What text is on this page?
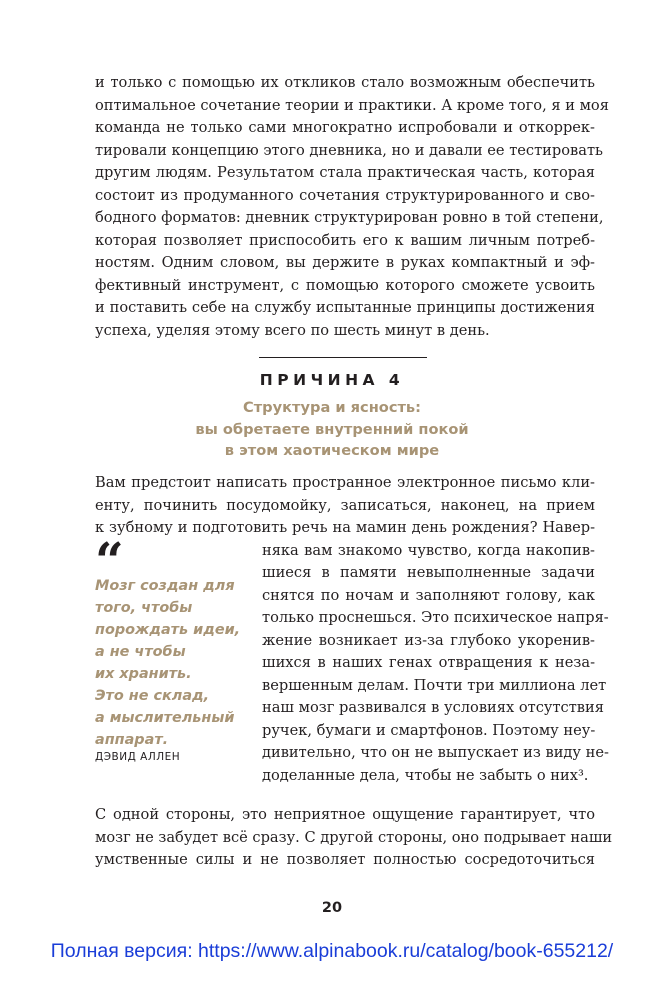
и только с помощью их откликов стало возможным обеспечить

оптимальное сочетание теории и практики. А кроме того, я и моя

команда не только сами многократно испробовали и откоррек-

тировали концепцию этого дневника, но и давали ее тестировать

другим людям. Результатом стала практическая часть, которая

состоит из продуманного сочетания структурированного и сво-

бодного форматов: дневник структурирован ровно в той степени,

которая позволяет приспособить его к вашим личным потреб-

ностям. Одним словом, вы держите в руках компактный и эф-

фективный инструмент, с помощью которого сможете усвоить

и поставить себе на службу испытанные принципы достижения

успеха, уделяя этому всего по шесть минут в день.

ПРИЧИНА 4

Структура и ясность:

вы обретаете внутренний покой

в этом хаотическом мире

Вам предстоит написать пространное электронное письмо кли-

енту, починить посудомойку, записаться, наконец, на прием

к зубному и подготовить речь на мамин день рождения? Навер-

“

Мозг создан для

того, чтобы

порождать идеи,

а не чтобы

их хранить.

Это не склад,

а мыслительный

аппарат.

ДЭВИД АЛЛЕН

няка вам знакомо чувство, когда накопив-

шиеся в памяти невыполненные задачи

снятся по ночам и заполняют голову, как

только проснешься. Это психическое напря-

жение возникает из-за глубоко укоренив-

шихся в наших генах отвращения к неза-

вершенным делам. Почти три миллиона лет

наш мозг развивался в условиях отсутствия

ручек, бумаги и смартфонов. Поэтому неу-

дивительно, что он не выпускает из виду не-

доделанные дела, чтобы не забыть о них³.

С одной стороны, это неприятное ощущение гарантирует, что

мозг не забудет всё сразу. С другой стороны, оно подрывает наши

умственные силы и не позволяет полностью сосредоточиться

20

Полная версия: https://www.alpinabook.ru/catalog/book-655212/
